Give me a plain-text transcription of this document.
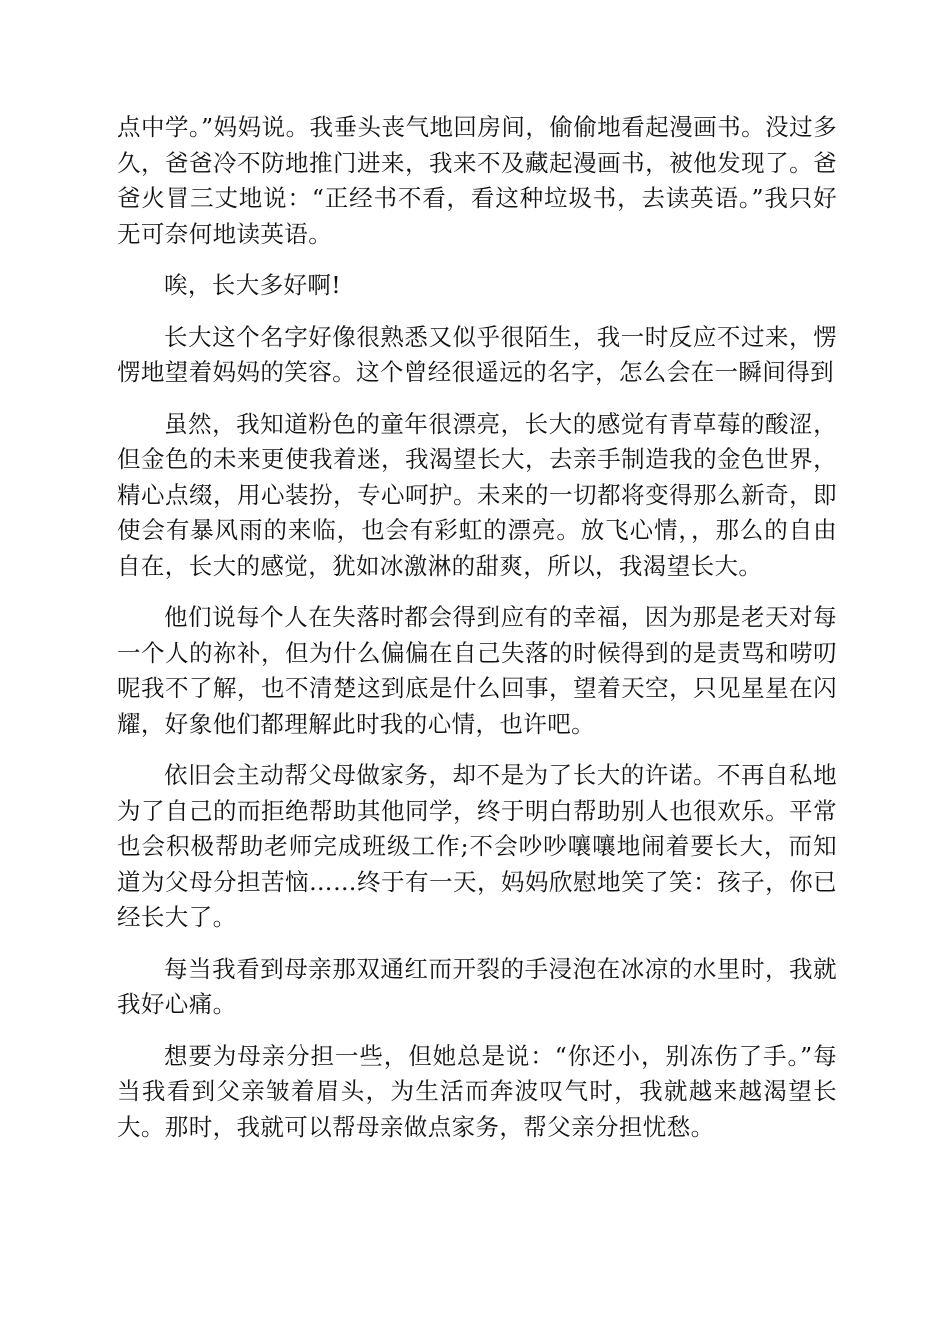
点中学。”妈妈说。我垂头丧气地回房间，偷偷地看起漫画书。没过多久，爸爸冷不防地推门进来，我来不及藏起漫画书，被他发现了。爸爸火冒三丈地说：“正经书不看，看这种垃圾书，去读英语。”我只好无可奈何地读英语。

唉，长大多好啊!

长大这个名字好像很熟悉又似乎很陌生，我一时反应不过来，愣愣地望着妈妈的笑容。这个曾经很遥远的名字，怎么会在一瞬间得到

虽然，我知道粉色的童年很漂亮，长大的感觉有青草莓的酸涩，但金色的未来更使我着迷，我渴望长大，去亲手制造我的金色世界，精心点缀，用心装扮，专心呵护。未来的一切都将变得那么新奇，即使会有暴风雨的来临，也会有彩虹的漂亮。放飞心情，，那么的自由自在，长大的感觉，犹如冰激淋的甜爽，所以，我渴望长大。

他们说每个人在失落时都会得到应有的幸福，因为那是老天对每一个人的祢补，但为什么偏偏在自己失落的时候得到的是责骂和唠叨呢我不了解，也不清楚这到底是什么回事，望着天空，只见星星在闪耀，好象他们都理解此时我的心情，也许吧。

依旧会主动帮父母做家务，却不是为了长大的许诺。不再自私地为了自己的而拒绝帮助其他同学，终于明白帮助别人也很欢乐。平常也会积极帮助老师完成班级工作;不会吵吵嚷嚷地闹着要长大，而知道为父母分担苦恼……终于有一天，妈妈欣慰地笑了笑：孩子，你已经长大了。

每当我看到母亲那双通红而开裂的手浸泡在冰凉的水里时，我就我好心痛。

想要为母亲分担一些，但她总是说：“你还小，别冻伤了手。”每当我看到父亲皱着眉头，为生活而奔波叹气时，我就越来越渴望长大。那时，我就可以帮母亲做点家务，帮父亲分担忧愁。
